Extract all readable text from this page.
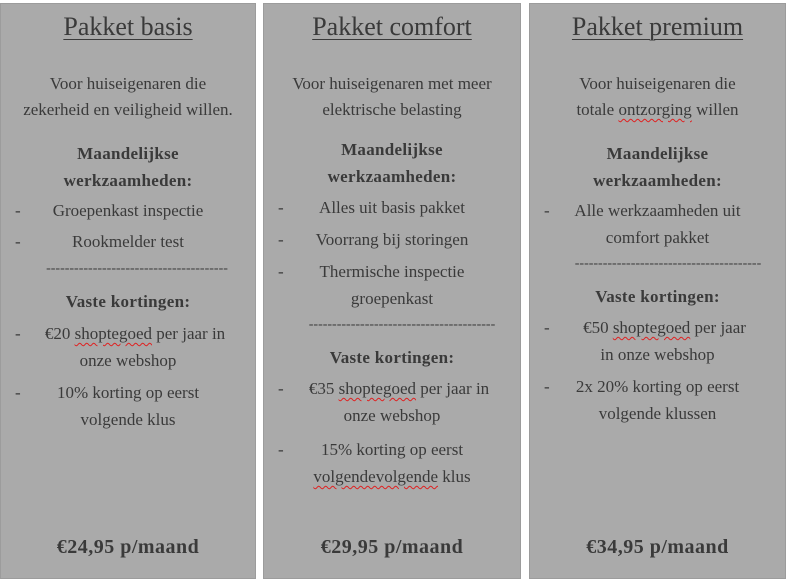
Pakket basis
Voor huiseigenaren die
zekerheid en veiligheid willen.
Maandelijkse
werkzaamheden:
-	Groepenkast inspectie
-	Rookmelder test
---------------------------------------
Vaste kortingen:
-	€20 shoptegoed per jaar in
onze webshop
-	10% korting op eerst
volgende klus
€24,95 p/maand
Pakket comfort
Voor huiseigenaren met meer
elektrische belasting
Maandelijkse
werkzaamheden:
-	Alles uit basis pakket
-	Voorrang bij storingen
-	Thermische inspectie
groepenkast
----------------------------------------
Vaste kortingen:
-	€35 shoptegoed per jaar in
onze webshop
-	15% korting op eerst
volgendevolgende klus
€29,95 p/maand
Pakket premium
Voor huiseigenaren die
totale ontzorging willen
Maandelijkse
werkzaamheden:
-	Alle werkzaamheden uit
comfort pakket
----------------------------------------
Vaste kortingen:
-	€50 shoptegoed per jaar
in onze webshop
-	2x 20% korting op eerst
volgende klussen
€34,95 p/maand
